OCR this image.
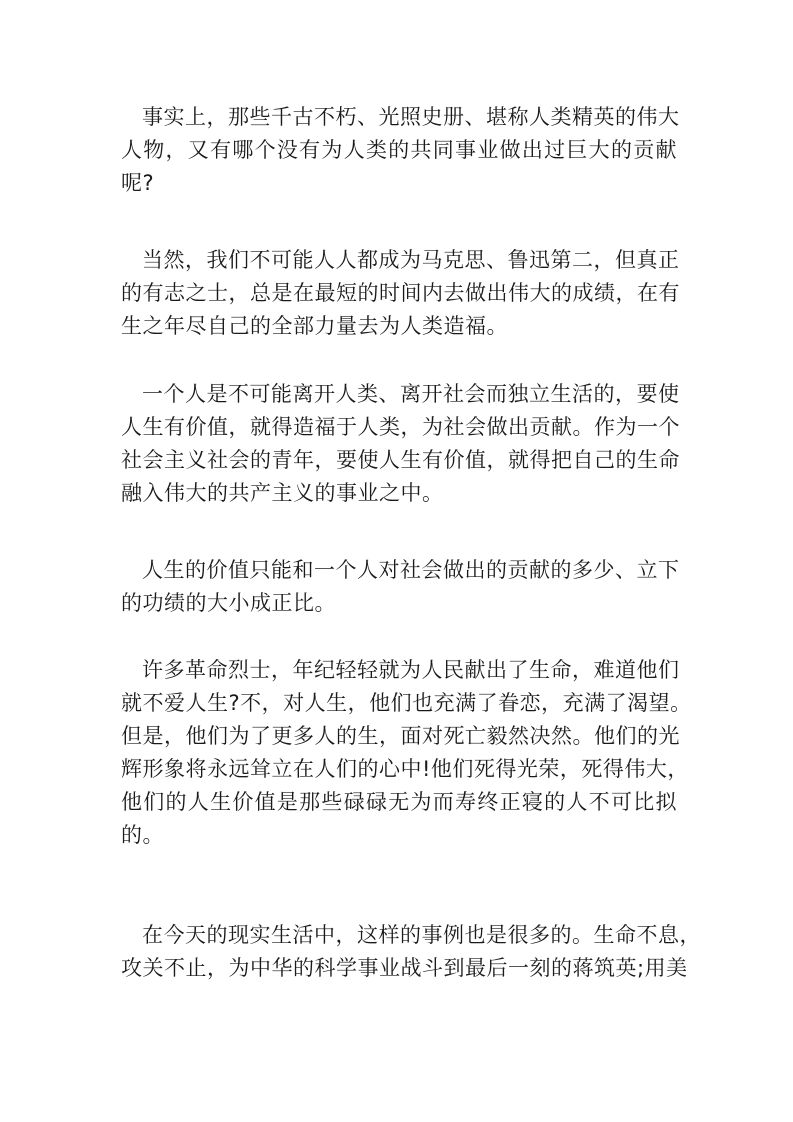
事实上，那些千古不朽、光照史册、堪称人类精英的伟大
人物，又有哪个没有为人类的共同事业做出过巨大的贡献
呢?
当然，我们不可能人人都成为马克思、鲁迅第二，但真正
的有志之士，总是在最短的时间内去做出伟大的成绩，在有
生之年尽自己的全部力量去为人类造福。
一个人是不可能离开人类、离开社会而独立生活的，要使
人生有价值，就得造福于人类，为社会做出贡献。作为一个
社会主义社会的青年，要使人生有价值，就得把自己的生命
融入伟大的共产主义的事业之中。
人生的价值只能和一个人对社会做出的贡献的多少、立下
的功绩的大小成正比。
许多革命烈士，年纪轻轻就为人民献出了生命，难道他们
就不爱人生?不，对人生，他们也充满了眷恋，充满了渴望。
但是，他们为了更多人的生，面对死亡毅然决然。他们的光
辉形象将永远耸立在人们的心中!他们死得光荣，死得伟大，
他们的人生价值是那些碌碌无为而寿终正寝的人不可比拟
的。
在今天的现实生活中，这样的事例也是很多的。生命不息，
攻关不止，为中华的科学事业战斗到最后一刻的蒋筑英;用美
